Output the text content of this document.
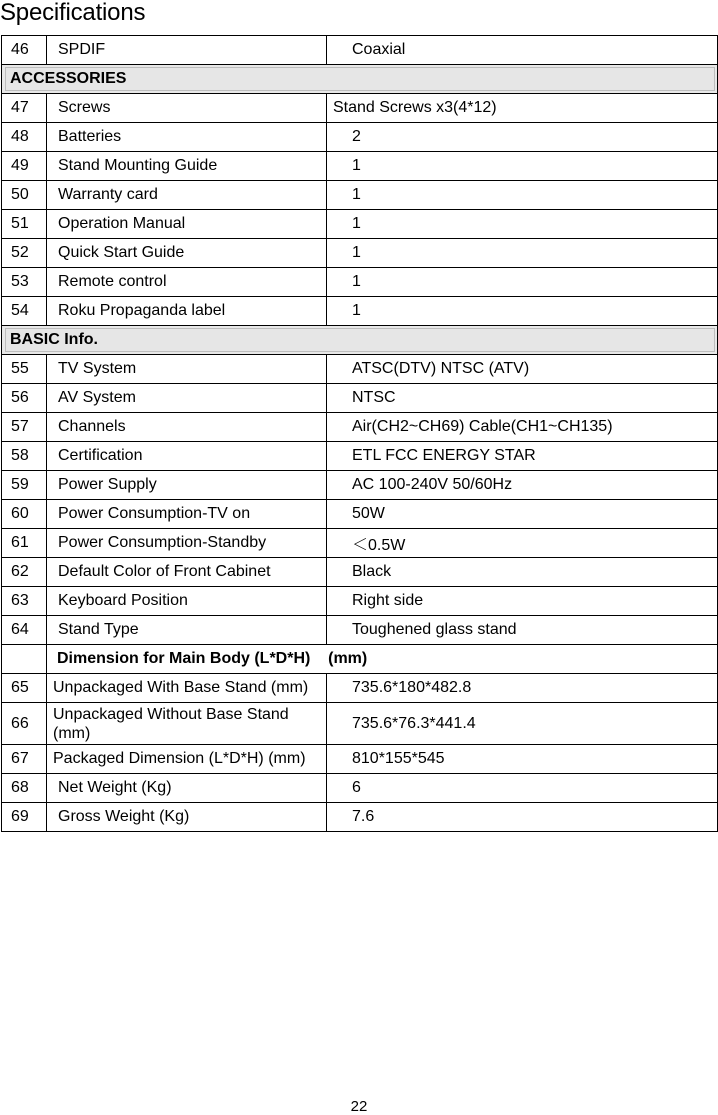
Specifications
46	SPDIF	Coaxial

ACCESSORIES		

47	Screws	Stand Screws x3(4*12)
48	Batteries	2
49	Stand Mounting Guide	1
50	Warranty card	1
51	Operation Manual	1
52	Quick Start Guide	1
53	Remote control	1
54	Roku Propaganda label	1

BASIC Info.		

55	TV System	ATSC(DTV) NTSC (ATV)
56	AV System	NTSC
57	Channels	Air(CH2~CH69) Cable(CH1~CH135)
58	Certification	ETL FCC ENERGY STAR
59	Power Supply	AC 100-240V 50/60Hz
60	Power Consumption-TV on	50W
61	Power Consumption-Standby	＜0.5W
62	Default Color of Front Cabinet	Black
63	Keyboard Position	Right side
64	Stand Type	Toughened glass stand
	Dimension for Main Body (L*D*H)    (mm)	
65	Unpackaged With Base Stand (mm)	735.6*180*482.8
66	Unpackaged Without Base Stand (mm)	735.6*76.3*441.4
67	Packaged Dimension (L*D*H) (mm)	810*155*545
68	Net Weight (Kg)	6
69	Gross Weight (Kg)	7.6
22
